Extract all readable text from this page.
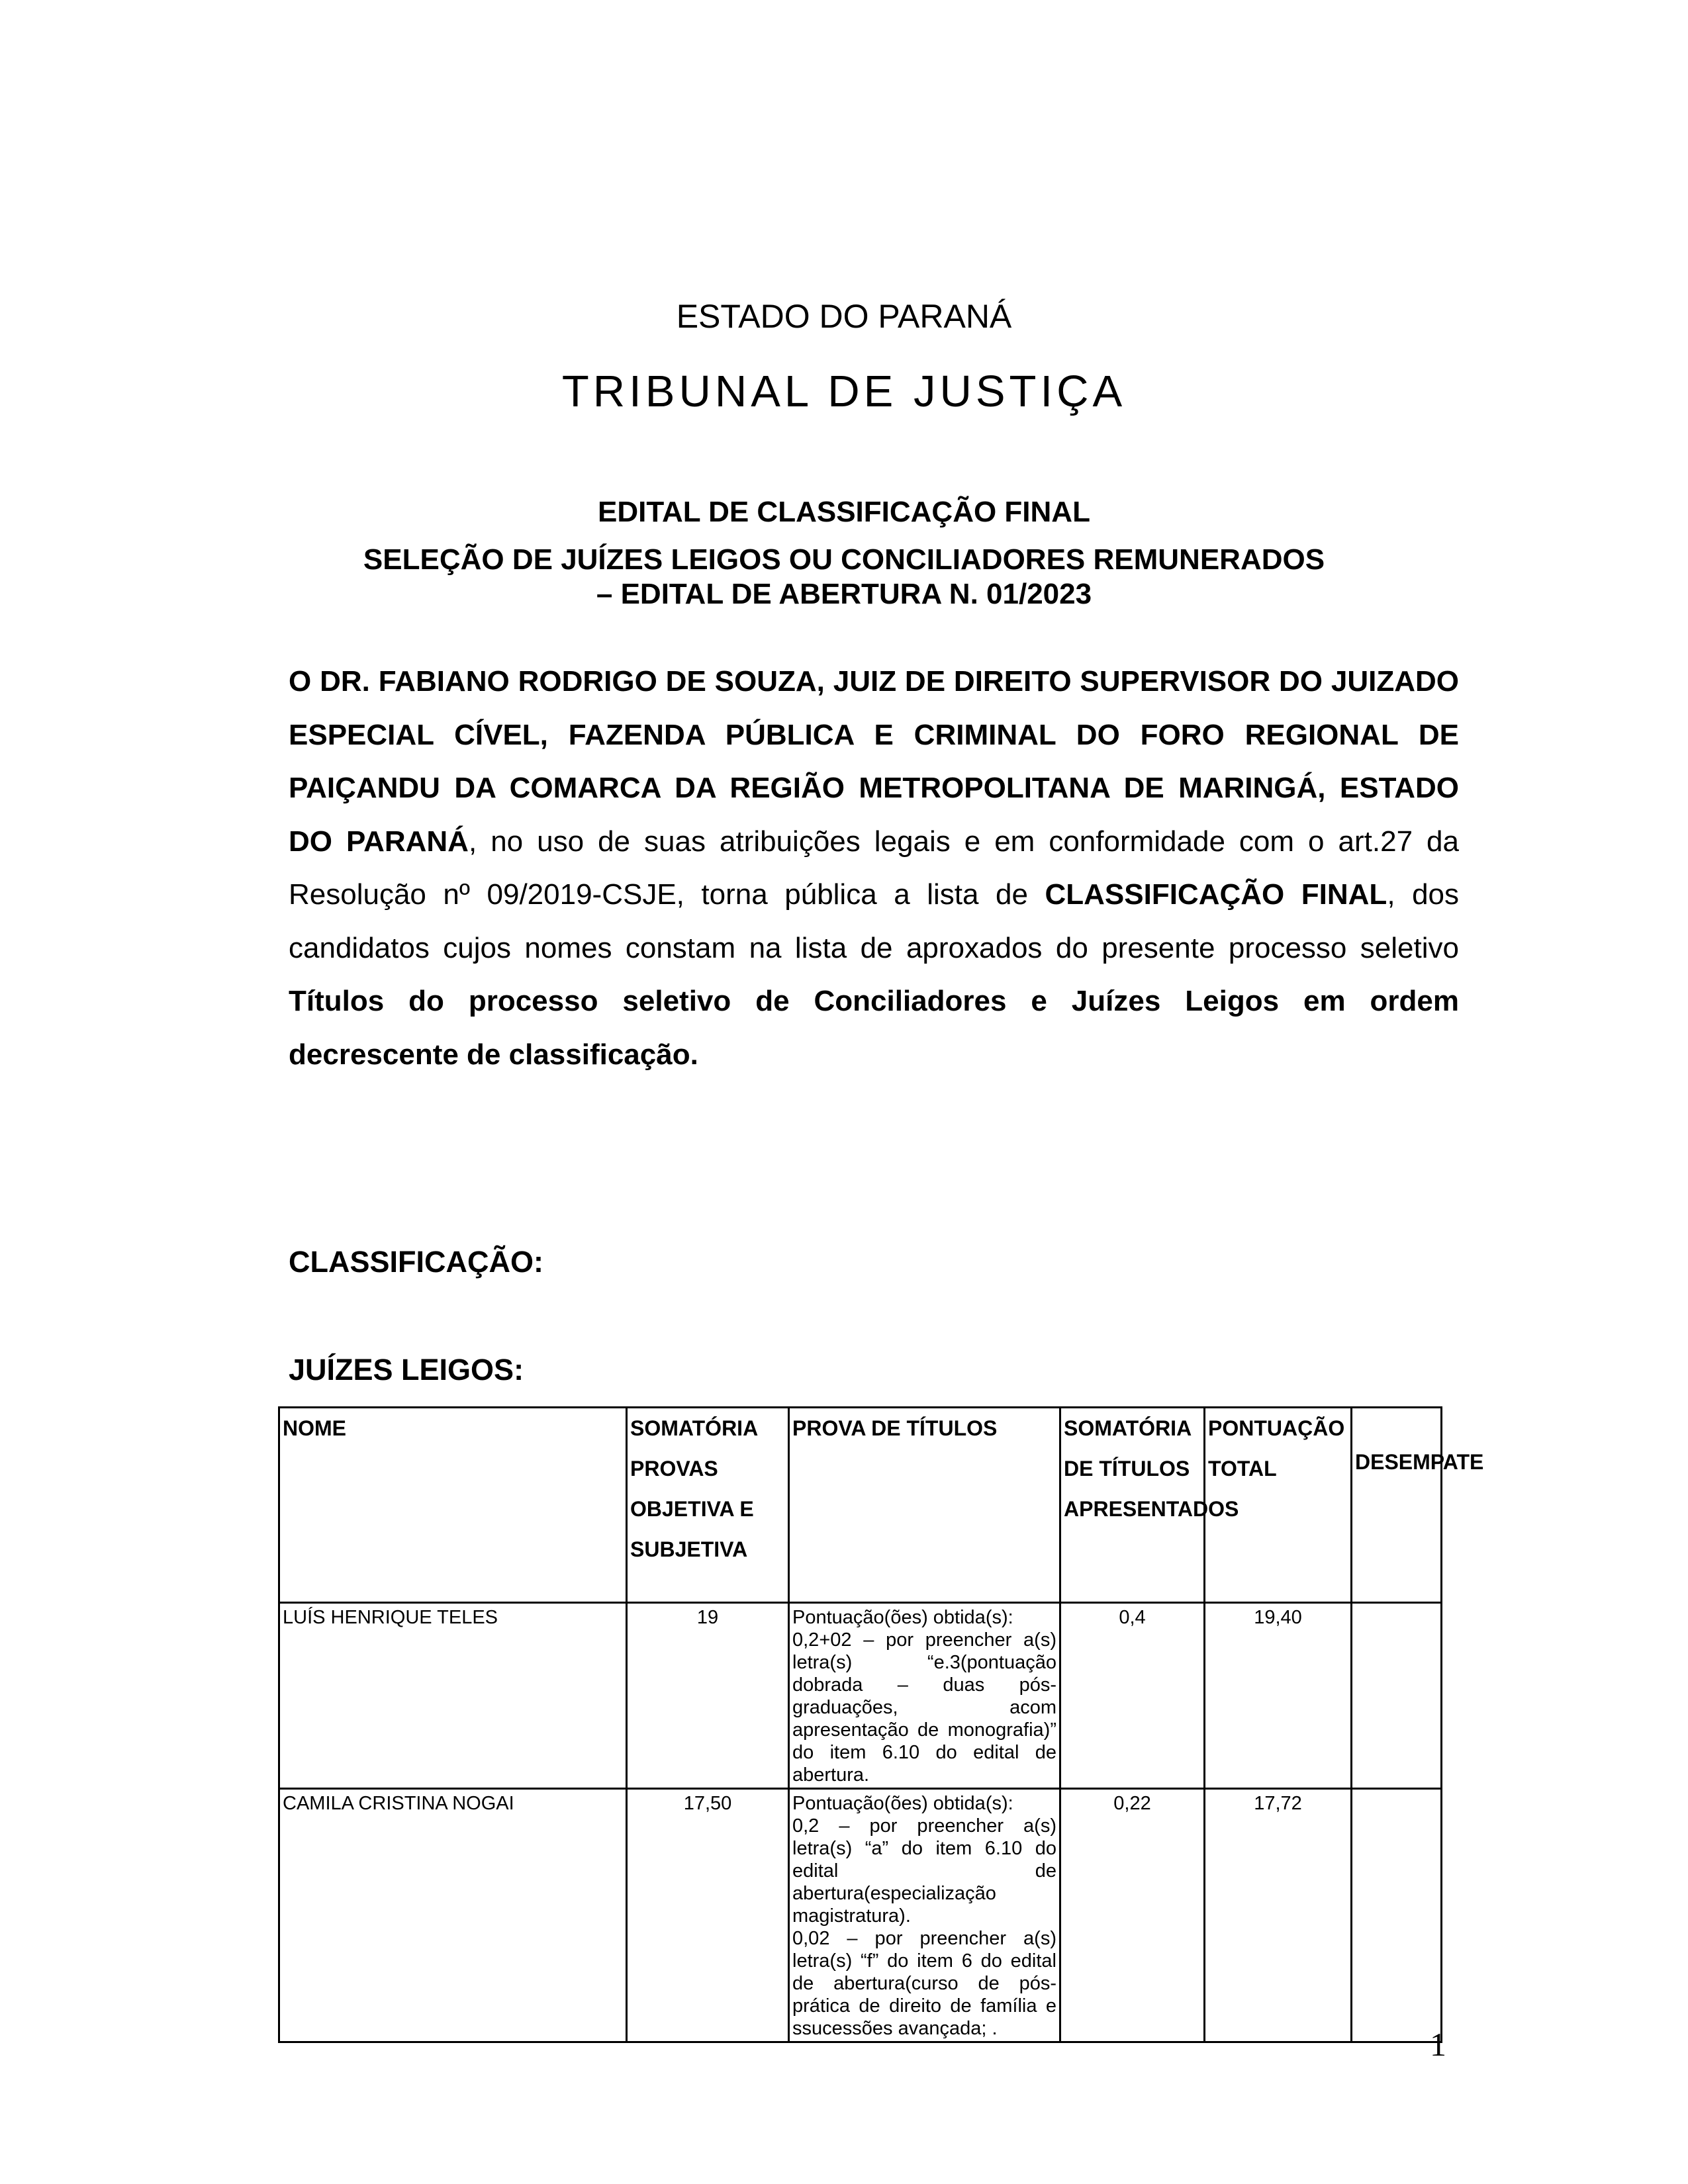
ESTADO DO PARANÁ
TRIBUNAL DE JUSTIÇA
EDITAL DE CLASSIFICAÇÃO FINAL
SELEÇÃO DE JUÍZES LEIGOS OU CONCILIADORES REMUNERADOS
– EDITAL DE ABERTURA N. 01/2023

O DR. FABIANO RODRIGO DE SOUZA, JUIZ DE DIREITO SUPERVISOR DO JUIZADO ESPECIAL CÍVEL, FAZENDA PÚBLICA E CRIMINAL DO FORO REGIONAL DE PAIÇANDU DA COMARCA DA REGIÃO METROPOLITANA DE MARINGÁ, ESTADO DO PARANÁ, no uso de suas atribuições legais e em conformidade com o art.27 da Resolução nº 09/2019-CSJE, torna pública a lista de CLASSIFICAÇÃO FINAL, dos candidatos cujos nomes constam na lista de aproxados do presente processo seletivo Títulos do processo seletivo de Conciliadores e Juízes Leigos em ordem decrescente de classificação.

CLASSIFICAÇÃO:
JUÍZES LEIGOS:
NOME	SOMATÓRIA PROVAS OBJETIVA E SUBJETIVA	PROVA DE TÍTULOS	SOMATÓRIA DE TÍTULOS APRESENTADOS	PONTUAÇÃO TOTAL	DESEMPATE
LUÍS HENRIQUE TELES	19	Pontuação(ões) obtida(s):
0,2+02 – por preencher a(s) letra(s) “e.3(pontuação dobrada – duas pós-graduações, acom apresentação de monografia)” do item 6.10 do edital de abertura.	0,4	19,40	
CAMILA CRISTINA NOGAI	17,50	Pontuação(ões) obtida(s):
0,2 – por preencher a(s) letra(s) “a” do item 6.10 do edital de abertura(especialização magistratura).
0,02 – por preencher a(s) letra(s) “f” do item 6 do edital de abertura(curso de pós-prática de direito de família e ssucessões avançada; .	0,22	17,72	
1
